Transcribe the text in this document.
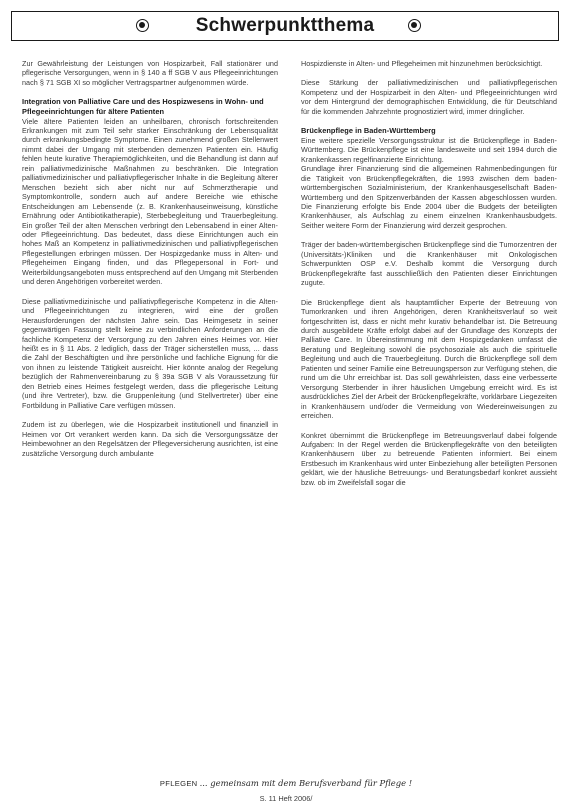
Schwerpunktthema

Zur Gewährleistung der Leistungen von Hospizarbeit, Fall stationärer und pflegerische Versorgungen, wenn in § 140 a ff SGB V aus Pflegeeinrichtungen nach § 71 SGB XI so möglicher Vertragspartner aufgenommen würde.

Integration von Palliative Care und des Hospizwesens in Wohn- und Pflegeeinrichtungen für ältere Patienten

Viele ältere Patienten leiden an unheilbaren, chronisch fortschreitenden Erkrankungen mit zum Teil sehr starker Einschränkung der Lebensqualität durch erkrankungsbedingte Symptome. Einen zunehmend großen Stellenwert nimmt dabei der Umgang mit sterbenden demenzen Patienten ein. Häufig fehlen heute kurative Therapiemöglichkeiten, und die Behandlung ist dann auf rein palliativmedizinische Maßnahmen zu beschränken. Die Integration palliativmedizinischer und palliativpflegerischer Inhalte in die Begleitung älterer Menschen bezieht sich aber nicht nur auf Schmerztherapie und Symptomkontrolle, sondern auch auf andere Bereiche wie ethische Entscheidungen am Lebensende (z. B. Krankenhauseinweisung, künstliche Ernährung oder Antibiotikatherapie), Sterbebegleitung und Trauerbegleitung. Ein großer Teil der alten Menschen verbringt den Lebensabend in einer Alten- oder Pflegeeinrichtung. Das bedeutet, dass diese Einrichtungen auch ein hohes Maß an Kompetenz in palliativmedizinischen und palliativpflegerischen Pflegestellungen erbringen müssen. Der Hospizgedanke muss in Alten- und Pflegeheimen Eingang finden, und das Pflegepersonal in Fort- und Weiterbildungsangeboten muss entsprechend auf den Umgang mit Sterbenden und deren Angehörigen vorbereitet werden.

Diese palliativmedizinische und palliativpflegerische Kompetenz in die Alten- und Pflegeeinrichtungen zu integrieren, wird eine der großen Herausforderungen der nächsten Jahre sein. Das Heimgesetz in seiner gegenwärtigen Fassung stellt keine zu verbindlichen Anforderungen an die fachliche Kompetenz der Versorgung zu den Jahren eines Heimes vor. Hier heißt es in § 11 Abs. 2 lediglich, dass der Träger sicherstellen muss, ... dass die Zahl der Beschäftigten und ihre persönliche und fachliche Eignung für die von ihnen zu leistende Tätigkeit ausreicht. Hier könnte analog der Regelung bezüglich der Rahmenvereinbarung zu § 39a SGB V als Voraussetzung für den Betrieb eines Heimes festgelegt werden, dass die pflegerische Leitung (und ihre Vertreter), bzw. die Gruppenleitung (und Stellvertreter) über eine Fortbildung in Palliative Care verfügen müssen.

Zudem ist zu überlegen, wie die Hospizarbeit institutionell und finanziell in Heimen vor Ort verankert werden kann. Da sich die Versorgungssätze der Heimbewohner an den Regelsätzen der Pflegeversicherung ausrichten, ist eine zusätzliche Versorgung durch ambulante

Hospizdienste in Alten- und Pflegeheimen mit hinzunehmen berücksichtigt.

Diese Stärkung der palliativmedizinischen und palliativpflegerischen Kompetenz und der Hospizarbeit in den Alten- und Pflegeeinrichtungen wird vor dem Hintergrund der demographischen Entwicklung, die für Deutschland für die kommenden Jahrzehnte prognostiziert wird, immer dringlicher.

Brückenpflege in Baden-Württemberg

Eine weitere spezielle Versorgungsstruktur ist die Brückenpflege in Baden-Württemberg. Die Brückenpflege ist eine landesweite und seit 1994 durch die Krankenkassen regelfinanzierte Einrichtung.

Grundlage ihrer Finanzierung sind die allgemeinen Rahmenbedingungen für die Tätigkeit von Brückenpflegekräften, die 1993 zwischen dem baden-württembergischen Sozialministerium, der Krankenhausgesellschaft Baden-Württemberg und den Spitzenverbänden der Kassen abgeschlossen wurden. Die Finanzierung erfolgte bis Ende 2004 über die Budgets der beteiligten Krankenhäuser, als Aufschlag zu einem einzelnen Krankenhausbudgets. Seither weitere Form der Finanzierung wird derzeit gesprochen.

Träger der baden-württembergischen Brückenpflege sind die Tumorzentren der (Universitäts-)Kliniken und die Krankenhäuser mit Onkologischen Schwerpunkten OSP e.V. Deshalb kommt die Versorgung durch Brückenpflegekräfte fast ausschließlich den Patienten dieser Einrichtungen zugute.

Die Brückenpflege dient als hauptamtlicher Experte der Betreuung von Tumorkranken und ihren Angehörigen, deren Krankheitsverlauf so weit fortgeschritten ist, dass er nicht mehr kurativ behandelbar ist. Die Betreuung durch ausgebildete Kräfte erfolgt dabei auf der Grundlage des Konzepts der Palliative Care. In Übereinstimmung mit dem Hospizgedanken umfasst die Beratung und Begleitung sowohl die psychosoziale als auch die spirituelle Begleitung und auch die Trauerbegleitung. Durch die Brückenpflege soll dem Patienten und seiner Familie eine Betreuungsperson zur Verfügung stehen, die rund um die Uhr erreichbar ist. Das soll gewährleisten, dass eine verbesserte Versorgung Sterbender in ihrer häuslichen Umgebung erreicht wird. Es ist ausdrückliches Ziel der Arbeit der Brückenpflegekräfte, vorklärbare Liegezeiten in Krankenhäusern und/oder die Vermeidung von Wiedereinweisungen zu erreichen.

Konkret übernimmt die Brückenpflege im Betreuungsverlauf dabei folgende Aufgaben: In der Regel werden die Brückenpflegekräfte von den beteiligten Krankenhäusern über zu betreuende Patienten informiert. Bei einem Erstbesuch im Krankenhaus wird unter Einbeziehung aller beteiligten Personen geklärt, wie der häusliche Betreuungs- und Beratungsbedarf konkret aussieht bzw. ob im Zweifelsfall sogar die

PFLEGEN ... gemeinsam mit dem Berufsverband für Pflege !
S. 11 Heft 2006/
